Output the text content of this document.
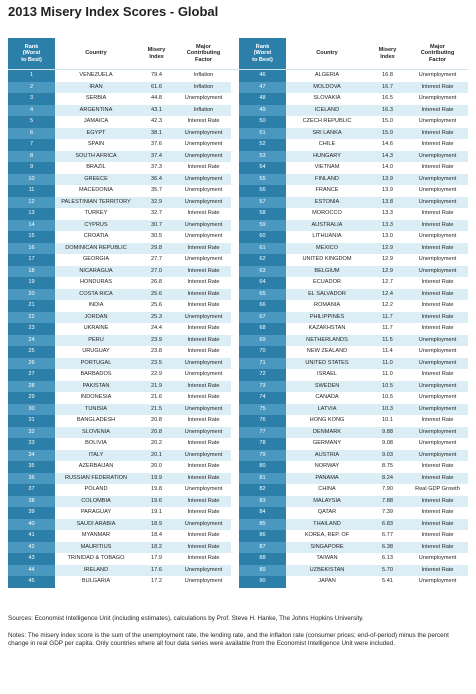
2013 Misery Index Scores - Global
Rank
(Worst
to Best)	Country	Misery
Index	Major
Contributing
Factor		Rank
(Worst
to Best)	Country	Misery
Index	Major
Contributing
Factor
1	VENEZUELA	79.4	Inflation		46	ALGERIA	16.8	Unemployment
2	IRAN	61.6	Inflation		47	MOLDOVA	16.7	Interest Rate
3	SERBIA	44.8	Unemployment		48	SLOVAKIA	16.5	Unemployment
4	ARGENTINA	43.1	Inflation		49	ICELAND	16.3	Interest Rate
5	JAMAICA	42.3	Interest Rate		50	CZECH REPUBLIC	15.0	Unemployment
6	EGYPT	38.1	Unemployment		51	SRI LANKA	15.0	Interest Rate
7	SPAIN	37.6	Unemployment		52	CHILE	14.6	Interest Rate
8	SOUTH AFRICA	37.4	Unemployment		53	HUNGARY	14.3	Unemployment
9	BRAZIL	37.3	Interest Rate		54	VIETNAM	14.0	Interest Rate
10	GREECE	36.4	Unemployment		55	FINLAND	13.9	Unemployment
11	MACEDONIA	35.7	Unemployment		56	FRANCE	13.9	Unemployment
12	PALESTINIAN TERRITORY	32.9	Unemployment		57	ESTONIA	13.8	Unemployment
13	TURKEY	32.7	Interest Rate		58	MOROCCO	13.3	Interest Rate
14	CYPRUS	30.7	Unemployment		59	AUSTRALIA	13.3	Interest Rate
15	CROATIA	30.5	Unemployment		60	LITHUANIA	13.0	Unemployment
16	DOMINICAN REPUBLIC	29.8	Interest Rate		61	MEXICO	12.9	Interest Rate
17	GEORGIA	27.7	Unemployment		62	UNITED KINGDOM	12.9	Unemployment
18	NICARAGUA	27.0	Interest Rate		63	BELGIUM	12.9	Unemployment
19	HONDURAS	26.8	Interest Rate		64	ECUADOR	12.7	Interest Rate
20	COSTA RICA	25.6	Interest Rate		65	EL SALVADOR	12.4	Interest Rate
21	INDIA	25.6	Interest Rate		66	ROMANIA	12.2	Interest Rate
22	JORDAN	25.3	Unemployment		67	PHILIPPINES	11.7	Interest Rate
23	UKRAINE	24.4	Interest Rate		68	KAZAKHSTAN	11.7	Interest Rate
24	PERU	23.9	Interest Rate		69	NETHERLANDS	11.5	Unemployment
25	URUGUAY	23.8	Interest Rate		70	NEW ZEALAND	11.4	Unemployment
26	PORTUGAL	23.5	Unemployment		71	UNITED STATES	11.0	Unemployment
27	BARBADOS	22.9	Unemployment		72	ISRAEL	11.0	Interest Rate
28	PAKISTAN	21.9	Interest Rate		73	SWEDEN	10.5	Unemployment
29	INDONESIA	21.6	Interest Rate		74	CANADA	10.5	Unemployment
30	TUNISIA	21.5	Unemployment		75	LATVIA	10.3	Unemployment
31	BANGLADESH	20.8	Interest Rate		76	HONG KONG	10.1	Interest Rate
32	SLOVENIA	20.8	Unemployment		77	DENMARK	9.88	Unemployment
33	BOLIVIA	20.2	Interest Rate		78	GERMANY	9.08	Unemployment
34	ITALY	20.1	Unemployment		79	AUSTRIA	9.03	Unemployment
35	AZERBAIJAN	20.0	Interest Rate		80	NORWAY	8.75	Interest Rate
36	RUSSIAN FEDERATION	19.9	Interest Rate		81	PANAMA	8.24	Interest Rate
37	POLAND	19.8	Unemployment		82	CHINA	7.90	Real GDP Growth
38	COLOMBIA	19.6	Interest Rate		83	MALAYSIA	7.88	Interest Rate
39	PARAGUAY	19.1	Interest Rate		84	QATAR	7.39	Interest Rate
40	SAUDI ARABIA	18.9	Unemployment		85	THAILAND	6.83	Interest Rate
41	MYANMAR	18.4	Interest Rate		86	KOREA, REP. OF	6.77	Interest Rate
42	MAURITIUS	18.2	Interest Rate		87	SINGAPORE	6.38	Interest Rate
43	TRINIDAD & TOBAGO	17.9	Interest Rate		88	TAIWAN	6.13	Unemployment
44	IRELAND	17.6	Unemployment		89	UZBEKISTAN	5.70	Interest Rate
45	BULGARIA	17.2	Unemployment		90	JAPAN	5.41	Unemployment
Sources: Economist Intelligence Unit (including estimates), calculations by Prof. Steve H. Hanke, The Johns Hopkins University.
Notes: The misery index score is the sum of the unemployment rate, the lending rate, and the inflaiton rate (consumer prices; end-of-period) minus the percent change in real GDP per capita. Only countries where all four data series were available from the Economist Intelligence Unit were included.
